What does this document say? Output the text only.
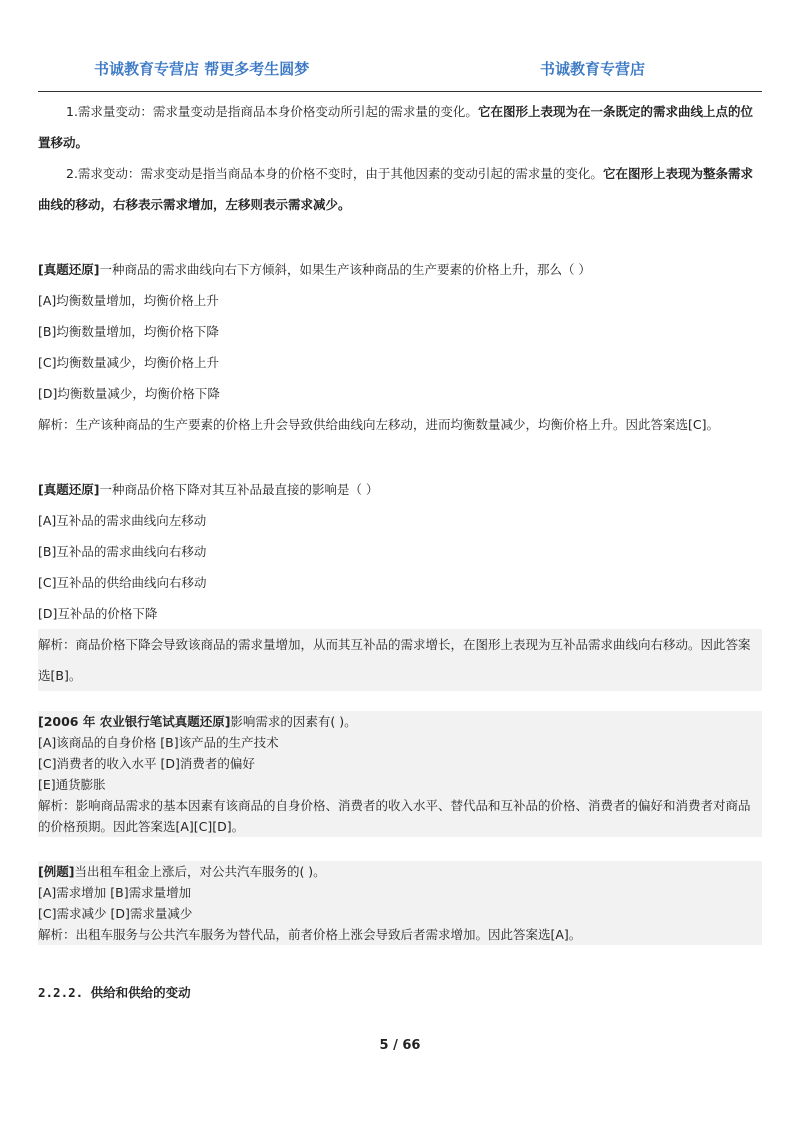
书诚教育专营店 帮更多考生圆梦	书诚教育专营店

1.需求量变动：需求量变动是指商品本身价格变动所引起的需求量的变化。它在图形上表现为在一条既定的需求曲线上点的位置移动。

2.需求变动：需求变动是指当商品本身的价格不变时，由于其他因素的变动引起的需求量的变化。它在图形上表现为整条需求曲线的移动，右移表示需求增加，左移则表示需求减少。

[真题还原]一种商品的需求曲线向右下方倾斜，如果生产该种商品的生产要素的价格上升，那么（ ）

[A]均衡数量增加，均衡价格上升

[B]均衡数量增加，均衡价格下降

[C]均衡数量减少，均衡价格上升

[D]均衡数量减少，均衡价格下降

解析：生产该种商品的生产要素的价格上升会导致供给曲线向左移动，进而均衡数量减少，均衡价格上升。因此答案选[C]。

[真题还原]一种商品价格下降对其互补品最直接的影响是（ ）

[A]互补品的需求曲线向左移动

[B]互补品的需求曲线向右移动

[C]互补品的供给曲线向右移动

[D]互补品的价格下降

解析：商品价格下降会导致该商品的需求量增加，从而其互补品的需求增长，在图形上表现为互补品需求曲线向右移动。因此答案选[B]。

[2006 年 农业银行笔试真题还原]影响需求的因素有( )。

[A]该商品的自身价格 [B]该产品的生产技术

[C]消费者的收入水平 [D]消费者的偏好

[E]通货膨胀

解析：影响商品需求的基本因素有该商品的自身价格、消费者的收入水平、替代品和互补品的价格、消费者的偏好和消费者对商品的价格预期。因此答案选[A][C][D]。

[例题]当出租车租金上涨后，对公共汽车服务的( )。

[A]需求增加 [B]需求量增加

[C]需求减少 [D]需求量减少

解析：出租车服务与公共汽车服务为替代品，前者价格上涨会导致后者需求增加。因此答案选[A]。

2.2.2. 供给和供给的变动

5 / 66
